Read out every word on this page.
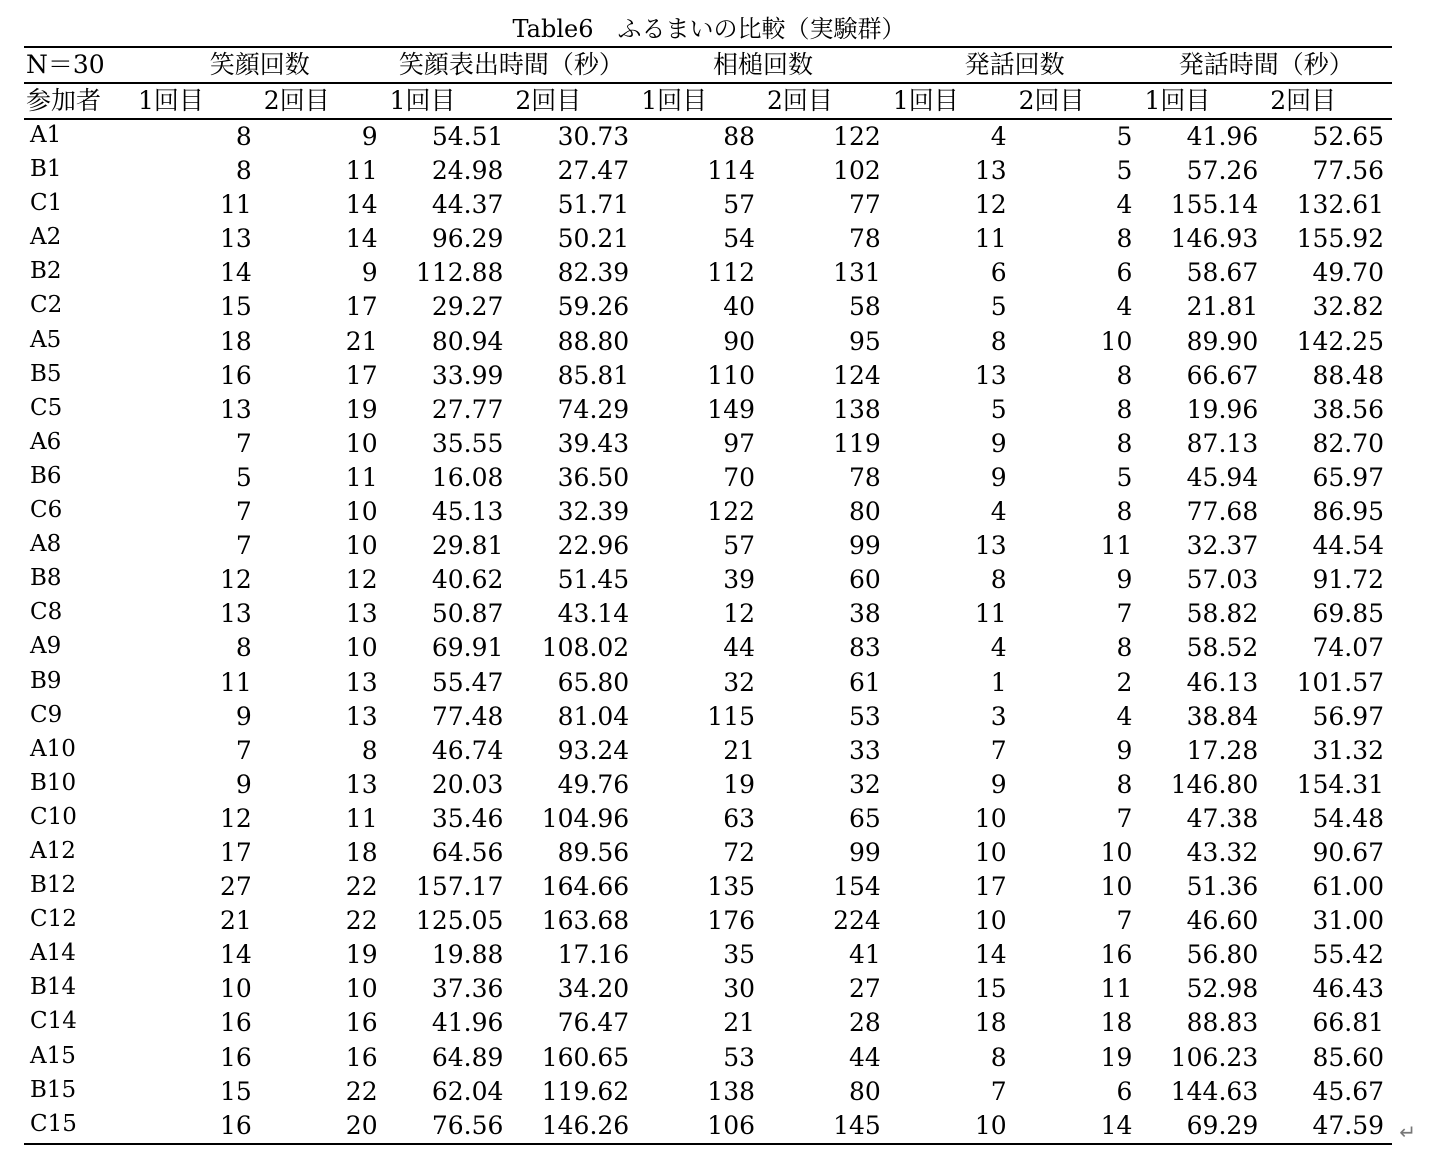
Table6　ふるまいの比較（実験群）
N＝30	笑顔回数		笑顔表出時間（秒）		相槌回数		発話回数		発話時間（秒）	
参加者	1回目	2回目	1回目	2回目	1回目	2回目	1回目	2回目	1回目	2回目
A1	8	9	54.51	30.73	88	122	4	5	41.96	52.65
B1	8	11	24.98	27.47	114	102	13	5	57.26	77.56
C1	11	14	44.37	51.71	57	77	12	4	155.14	132.61
A2	13	14	96.29	50.21	54	78	11	8	146.93	155.92
B2	14	9	112.88	82.39	112	131	6	6	58.67	49.70
C2	15	17	29.27	59.26	40	58	5	4	21.81	32.82
A5	18	21	80.94	88.80	90	95	8	10	89.90	142.25
B5	16	17	33.99	85.81	110	124	13	8	66.67	88.48
C5	13	19	27.77	74.29	149	138	5	8	19.96	38.56
A6	7	10	35.55	39.43	97	119	9	8	87.13	82.70
B6	5	11	16.08	36.50	70	78	9	5	45.94	65.97
C6	7	10	45.13	32.39	122	80	4	8	77.68	86.95
A8	7	10	29.81	22.96	57	99	13	11	32.37	44.54
B8	12	12	40.62	51.45	39	60	8	9	57.03	91.72
C8	13	13	50.87	43.14	12	38	11	7	58.82	69.85
A9	8	10	69.91	108.02	44	83	4	8	58.52	74.07
B9	11	13	55.47	65.80	32	61	1	2	46.13	101.57
C9	9	13	77.48	81.04	115	53	3	4	38.84	56.97
A10	7	8	46.74	93.24	21	33	7	9	17.28	31.32
B10	9	13	20.03	49.76	19	32	9	8	146.80	154.31
C10	12	11	35.46	104.96	63	65	10	7	47.38	54.48
A12	17	18	64.56	89.56	72	99	10	10	43.32	90.67
B12	27	22	157.17	164.66	135	154	17	10	51.36	61.00
C12	21	22	125.05	163.68	176	224	10	7	46.60	31.00
A14	14	19	19.88	17.16	35	41	14	16	56.80	55.42
B14	10	10	37.36	34.20	30	27	15	11	52.98	46.43
C14	16	16	41.96	76.47	21	28	18	18	88.83	66.81
A15	16	16	64.89	160.65	53	44	8	19	106.23	85.60
B15	15	22	62.04	119.62	138	80	7	6	144.63	45.67
C15	16	20	76.56	146.26	106	145	10	14	69.29	47.59 ↵
